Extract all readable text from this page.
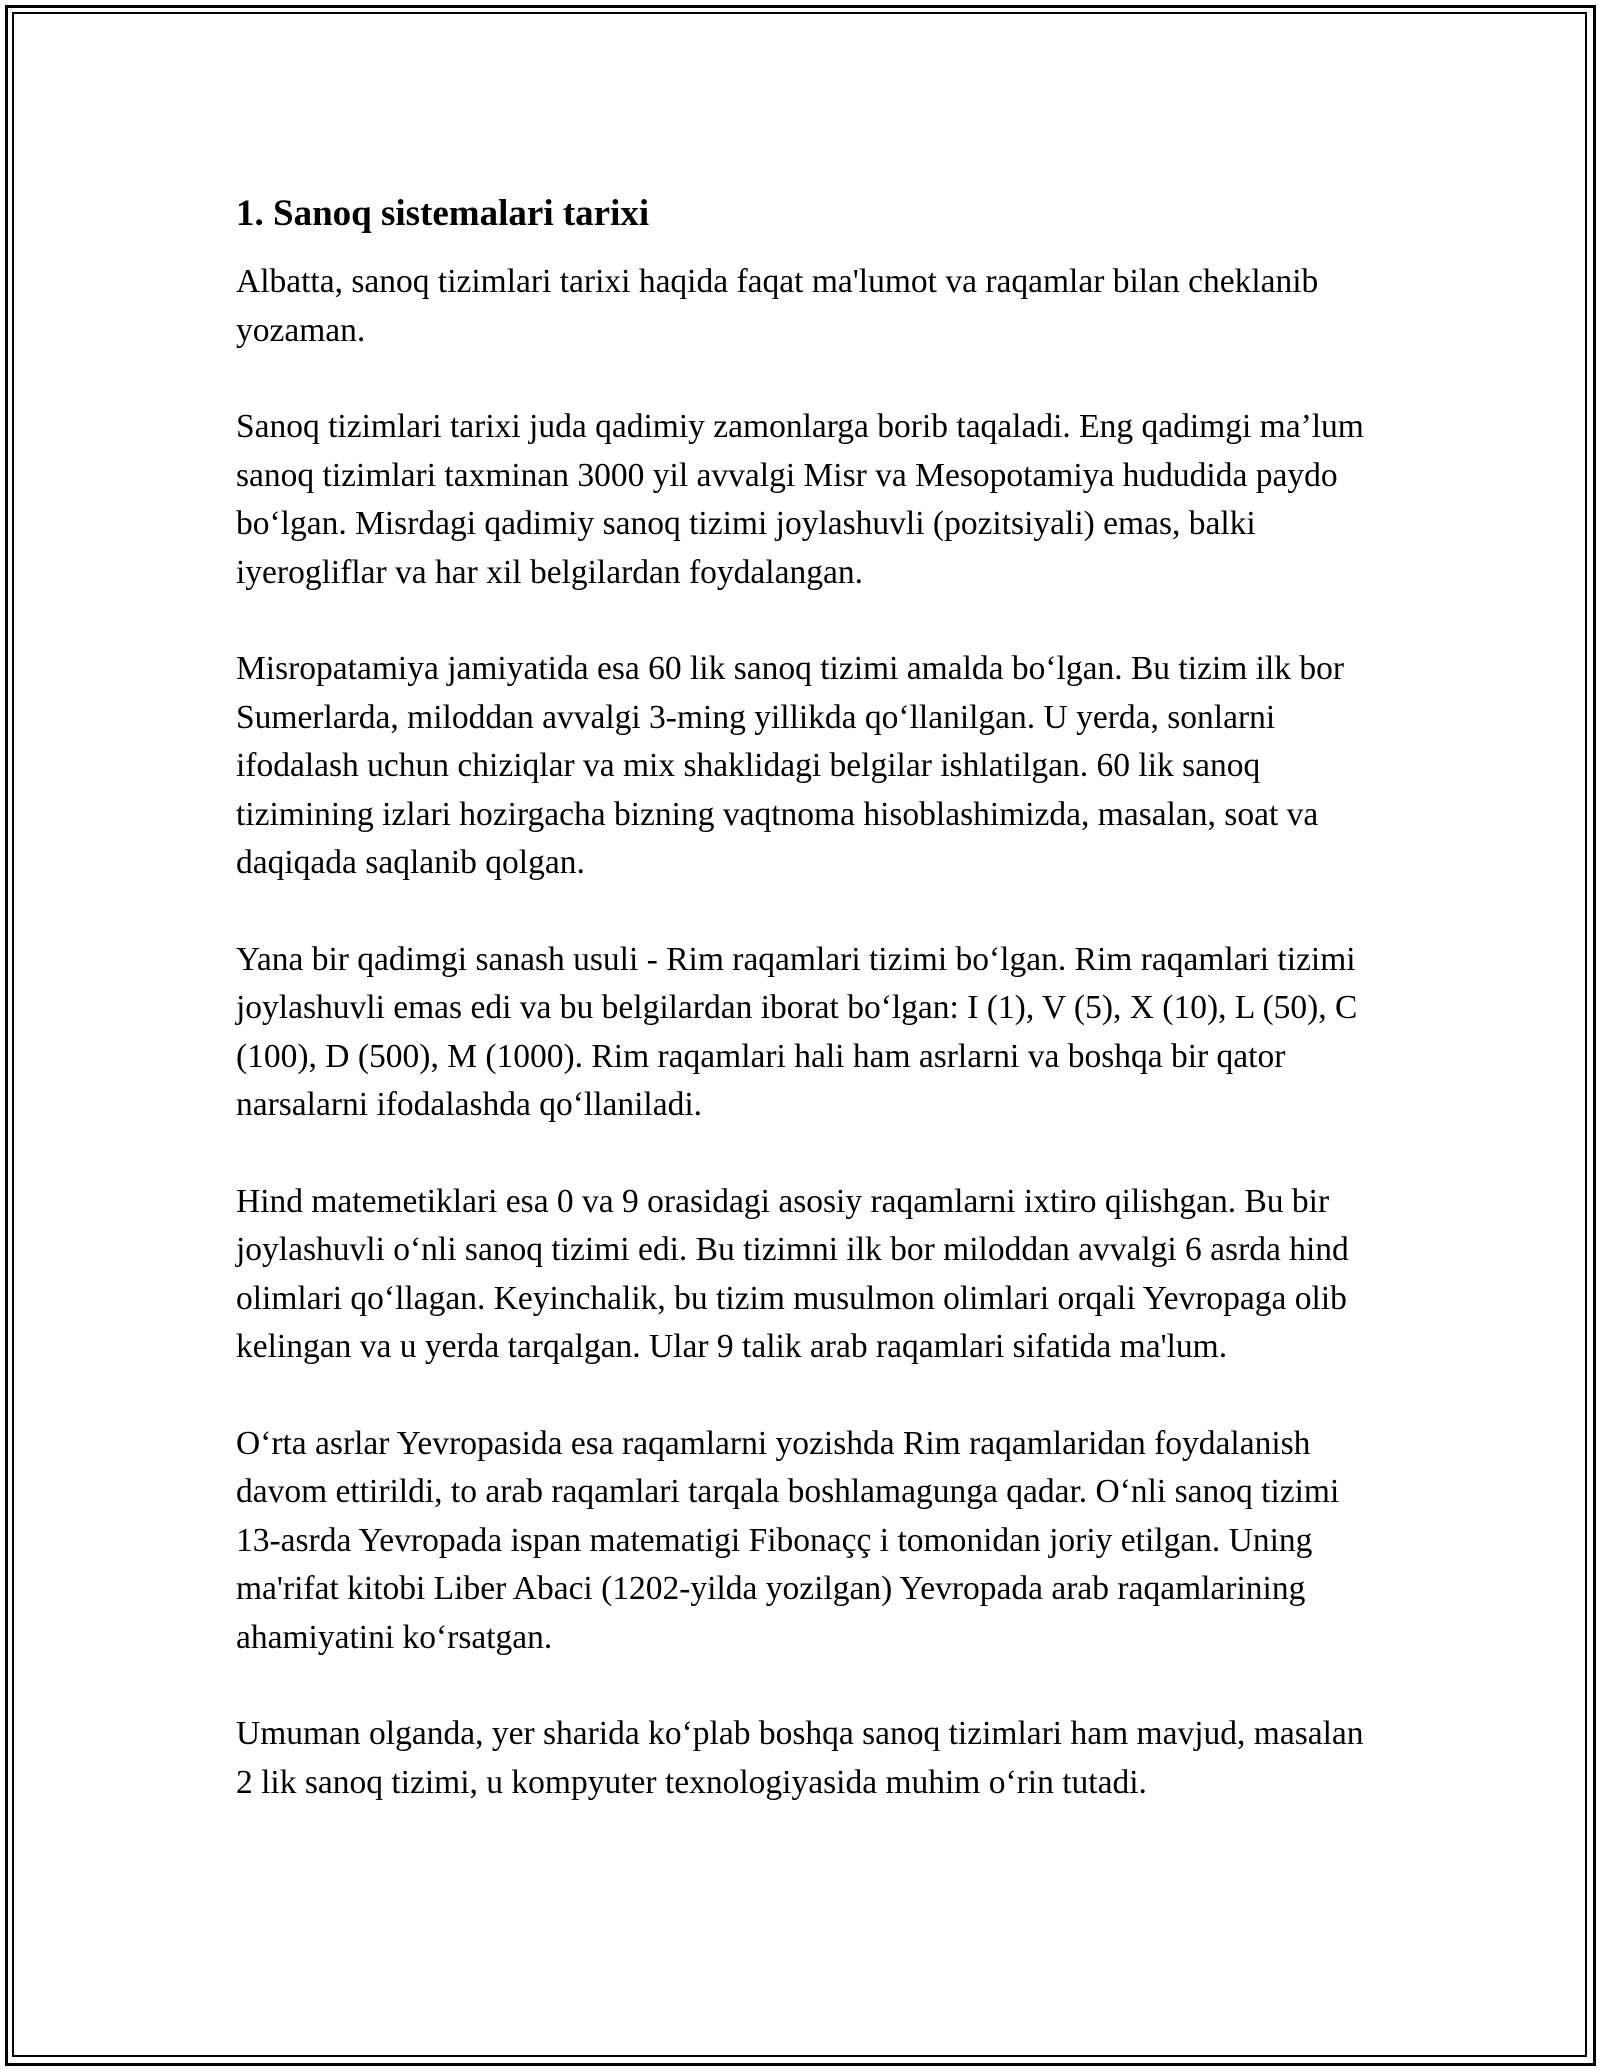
1. Sanoq sistemalari tarixi

Albatta, sanoq tizimlari tarixi haqida faqat ma'lumot va raqamlar bilan cheklanib yozaman.

Sanoq tizimlari tarixi juda qadimiy zamonlarga borib taqaladi. Eng qadimgi ma’lum sanoq tizimlari taxminan 3000 yil avvalgi Misr va Mesopotamiya hududida paydo bo‘lgan. Misrdagi qadimiy sanoq tizimi joylashuvli (pozitsiyali) emas, balki iyerogliflar va har xil belgilardan foydalangan.

Misropatamiya jamiyatida esa 60 lik sanoq tizimi amalda bo‘lgan. Bu tizim ilk bor Sumerlarda, miloddan avvalgi 3-ming yillikda qo‘llanilgan. U yerda, sonlarni ifodalash uchun chiziqlar va mix shaklidagi belgilar ishlatilgan. 60 lik sanoq tizimining izlari hozirgacha bizning vaqtnoma hisoblashimizda, masalan, soat va daqiqada saqlanib qolgan.

Yana bir qadimgi sanash usuli - Rim raqamlari tizimi bo‘lgan. Rim raqamlari tizimi joylashuvli emas edi va bu belgilardan iborat bo‘lgan: I (1), V (5), X (10), L (50), C (100), D (500), M (1000). Rim raqamlari hali ham asrlarni va boshqa bir qator narsalarni ifodalashda qo‘llaniladi.

Hind matemetiklari esa 0 va 9 orasidagi asosiy raqamlarni ixtiro qilishgan. Bu bir joylashuvli o‘nli sanoq tizimi edi. Bu tizimni ilk bor miloddan avvalgi 6 asrda hind olimlari qo‘llagan. Keyinchalik, bu tizim musulmon olimlari orqali Yevropaga olib kelingan va u yerda tarqalgan. Ular 9 talik arab raqamlari sifatida ma'lum.

O‘rta asrlar Yevropasida esa raqamlarni yozishda Rim raqamlaridan foydalanish davom ettirildi, to arab raqamlari tarqala boshlamagunga qadar. O‘nli sanoq tizimi 13-asrda Yevropada ispan matematigi Fibonaçç i tomonidan joriy etilgan. Uning ma'rifat kitobi Liber Abaci (1202-yilda yozilgan) Yevropada arab raqamlarining ahamiyatini ko‘rsatgan.

Umuman olganda, yer sharida ko‘plab boshqa sanoq tizimlari ham mavjud, masalan 2 lik sanoq tizimi, u kompyuter texnologiyasida muhim o‘rin tutadi.
